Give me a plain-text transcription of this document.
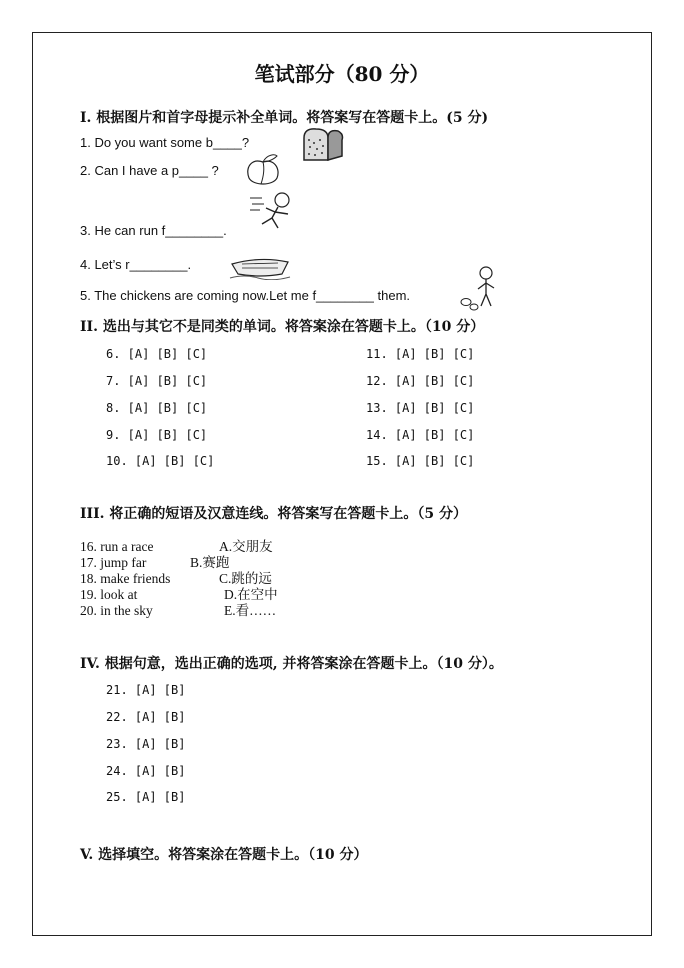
笔试部分（80 分）
I. 根据图片和首字母提示补全单词。将答案写在答题卡上。(5 分)
1. Do you want some b____?
2. Can I have a p____ ?
3. He can run f________.
4. Let’s r________.
5. The chickens are coming now.Let me f________ them.
II. 选出与其它不是同类的单词。将答案涂在答题卡上。（10 分）
6. [A] [B] [C]
7. [A] [B] [C]
8. [A] [B] [C]
9. [A] [B] [C]
10. [A] [B] [C]
11. [A] [B] [C]
12. [A] [B] [C]
13. [A] [B] [C]
14. [A] [B] [C]
15. [A] [B] [C]
III. 将正确的短语及汉意连线。将答案写在答题卡上。（5 分）
16. run a race
17. jump far
18. make friends
19. look at
20. in the sky
A.交朋友
B.赛跑
C.跳的远
D.在空中
E.看……
IV. 根据句意，选出正确的选项, 并将答案涂在答题卡上。（10 分）。
21. [A] [B]
22. [A] [B]
23. [A] [B]
24. [A] [B]
25. [A] [B]
V. 选择填空。将答案涂在答题卡上。（10 分）
